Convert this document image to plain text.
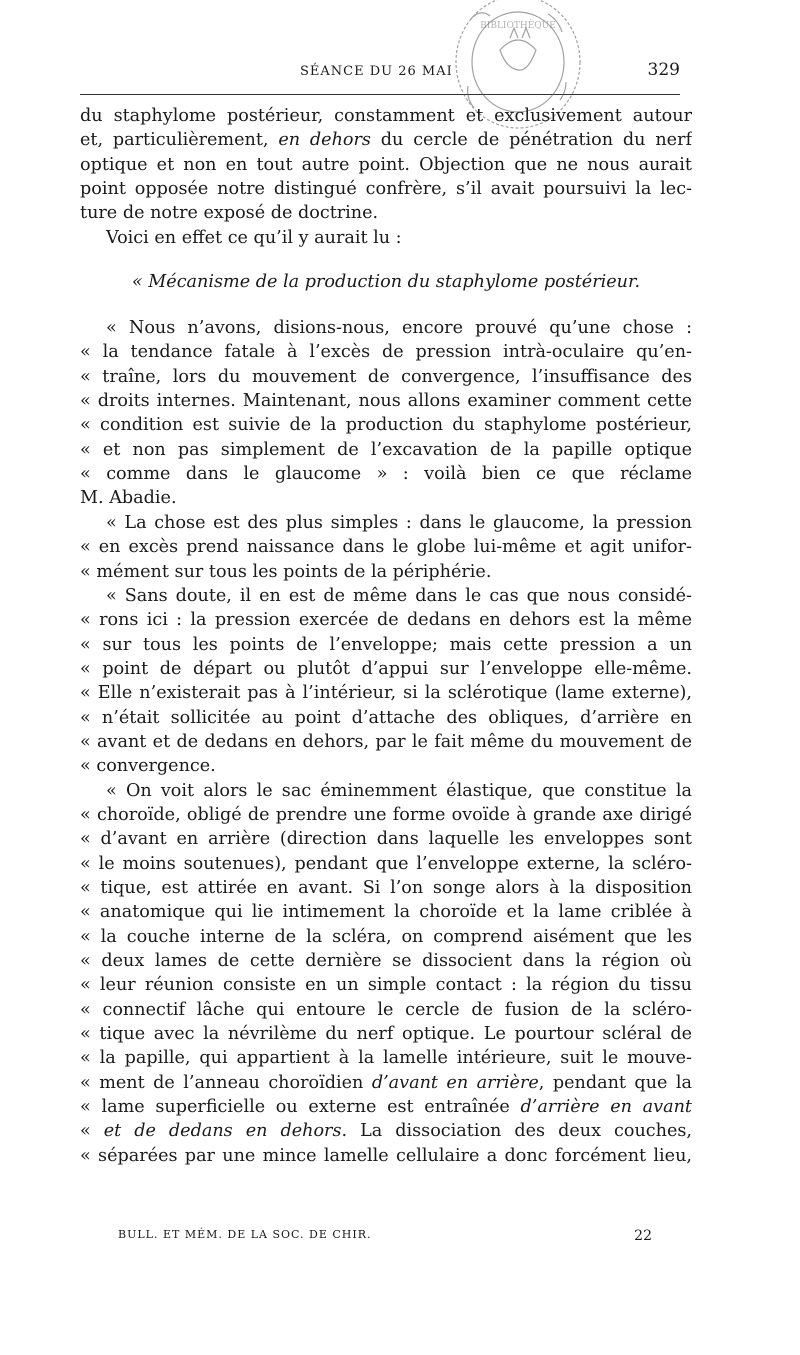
SÉANCE DU 26 MAI	329
BIBLIOTHÈQUE
du staphylome postérieur, constamment et exclusivement autour
et, particulièrement, en dehors du cercle de pénétration du nerf
optique et non en tout autre point. Objection que ne nous aurait
point opposée notre distingué confrère, s’il avait poursuivi la lec-
ture de notre exposé de doctrine.
Voici en effet ce qu’il y aurait lu :
« Mécanisme de la production du staphylome postérieur.
« Nous n’avons, disions-nous, encore prouvé qu’une chose :
« la tendance fatale à l’excès de pression intrà-oculaire qu’en-
« traîne, lors du mouvement de convergence, l’insuffisance des
« droits internes. Maintenant, nous allons examiner comment cette
« condition est suivie de la production du staphylome postérieur,
« et non pas simplement de l’excavation de la papille optique
« comme dans le glaucome » : voilà bien ce que réclame
M. Abadie.
« La chose est des plus simples : dans le glaucome, la pression
« en excès prend naissance dans le globe lui-même et agit unifor-
« mément sur tous les points de la périphérie.
« Sans doute, il en est de même dans le cas que nous considé-
« rons ici : la pression exercée de dedans en dehors est la même
« sur tous les points de l’enveloppe; mais cette pression a un
« point de départ ou plutôt d’appui sur l’enveloppe elle-même.
« Elle n’existerait pas à l’intérieur, si la sclérotique (lame externe),
« n’était sollicitée au point d’attache des obliques, d’arrière en
« avant et de dedans en dehors, par le fait même du mouvement de
« convergence.
« On voit alors le sac éminemment élastique, que constitue la
« choroïde, obligé de prendre une forme ovoïde à grande axe dirigé
« d’avant en arrière (direction dans laquelle les enveloppes sont
« le moins soutenues), pendant que l’enveloppe externe, la scléro-
« tique, est attirée en avant. Si l’on songe alors à la disposition
« anatomique qui lie intimement la choroïde et la lame criblée à
« la couche interne de la scléra, on comprend aisément que les
« deux lames de cette dernière se dissocient dans la région où
« leur réunion consiste en un simple contact : la région du tissu
« connectif lâche qui entoure le cercle de fusion de la scléro-
« tique avec la névrilème du nerf optique. Le pourtour scléral de
« la papille, qui appartient à la lamelle intérieure, suit le mouve-
« ment de l’anneau choroïdien d’avant en arrière, pendant que la
« lame superficielle ou externe est entraînée d’arrière en avant
« et de dedans en dehors. La dissociation des deux couches,
« séparées par une mince lamelle cellulaire a donc forcément lieu,
BULL. ET MÉM. DE LA SOC. DE CHIR.	22
